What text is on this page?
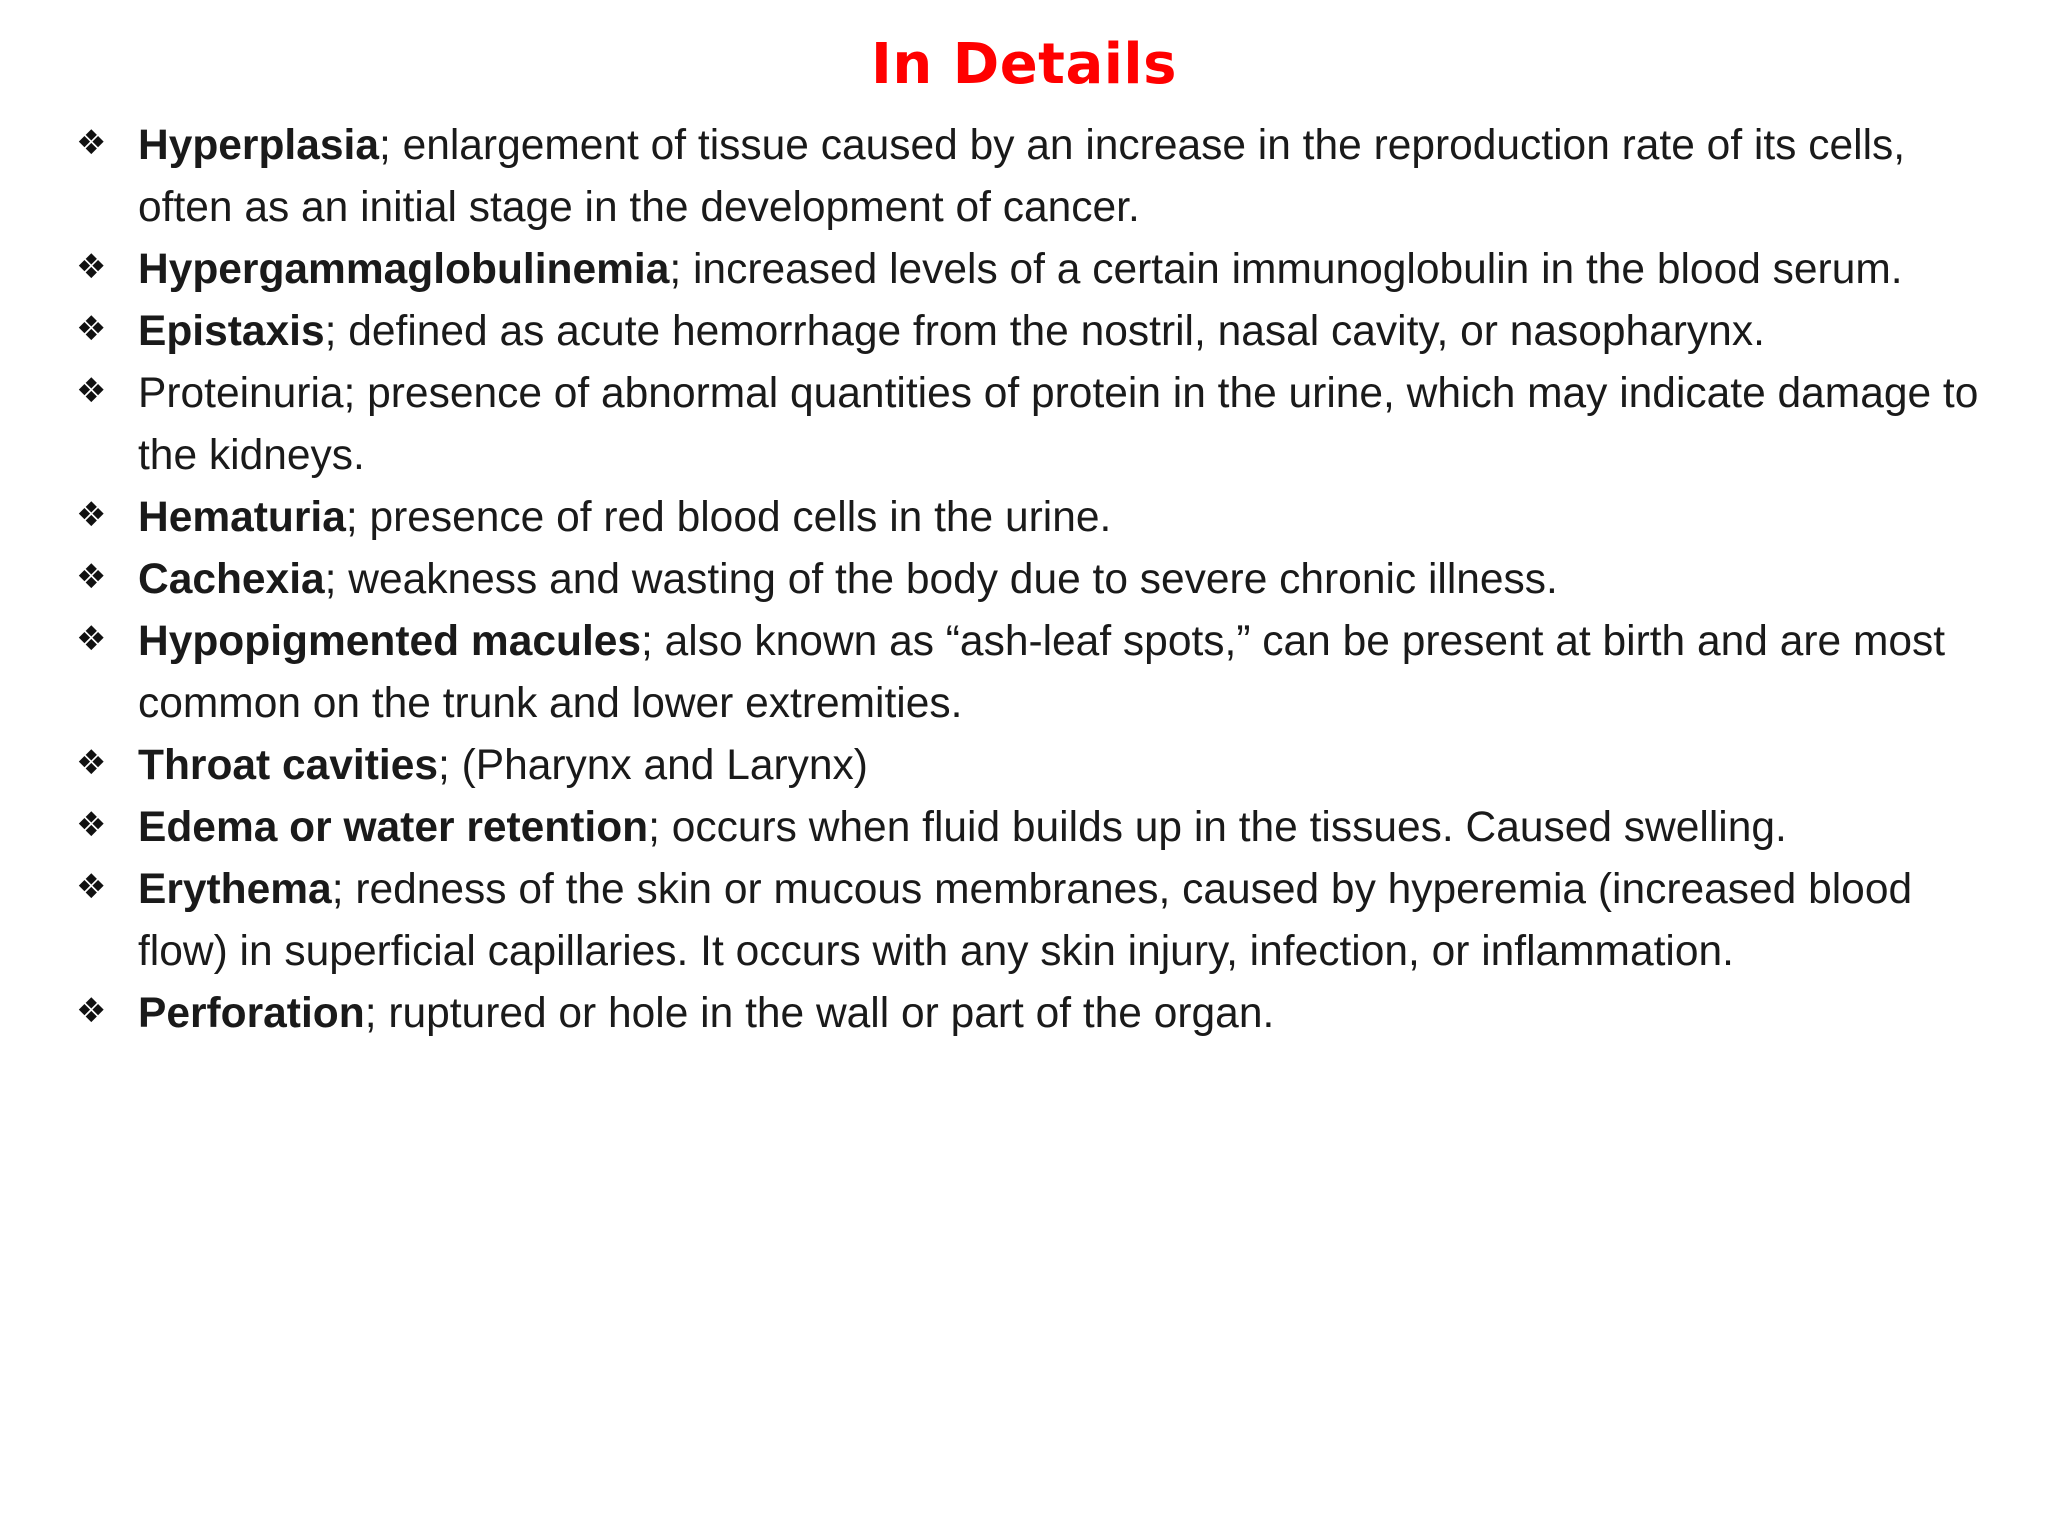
In Details
❖ Hyperplasia; enlargement of tissue caused by an increase in the reproduction rate of its cells, often as an initial stage in the development of cancer.
❖ Hypergammaglobulinemia; increased levels of a certain immunoglobulin in the blood serum.
❖ Epistaxis; defined as acute hemorrhage from the nostril, nasal cavity, or nasopharynx.
❖ Proteinuria; presence of abnormal quantities of protein in the urine, which may indicate damage to the kidneys.
❖ Hematuria; presence of red blood cells in the urine.
❖ Cachexia; weakness and wasting of the body due to severe chronic illness.
❖ Hypopigmented macules; also known as “ash-leaf spots,” can be present at birth and are most common on the trunk and lower extremities.
❖ Throat cavities; (Pharynx and Larynx)
❖ Edema or water retention; occurs when fluid builds up in the tissues. Caused swelling.
❖ Erythema; redness of the skin or mucous membranes, caused by hyperemia (increased blood flow) in superficial capillaries. It occurs with any skin injury, infection, or inflammation.
❖ Perforation; ruptured or hole in the wall or part of the organ.
